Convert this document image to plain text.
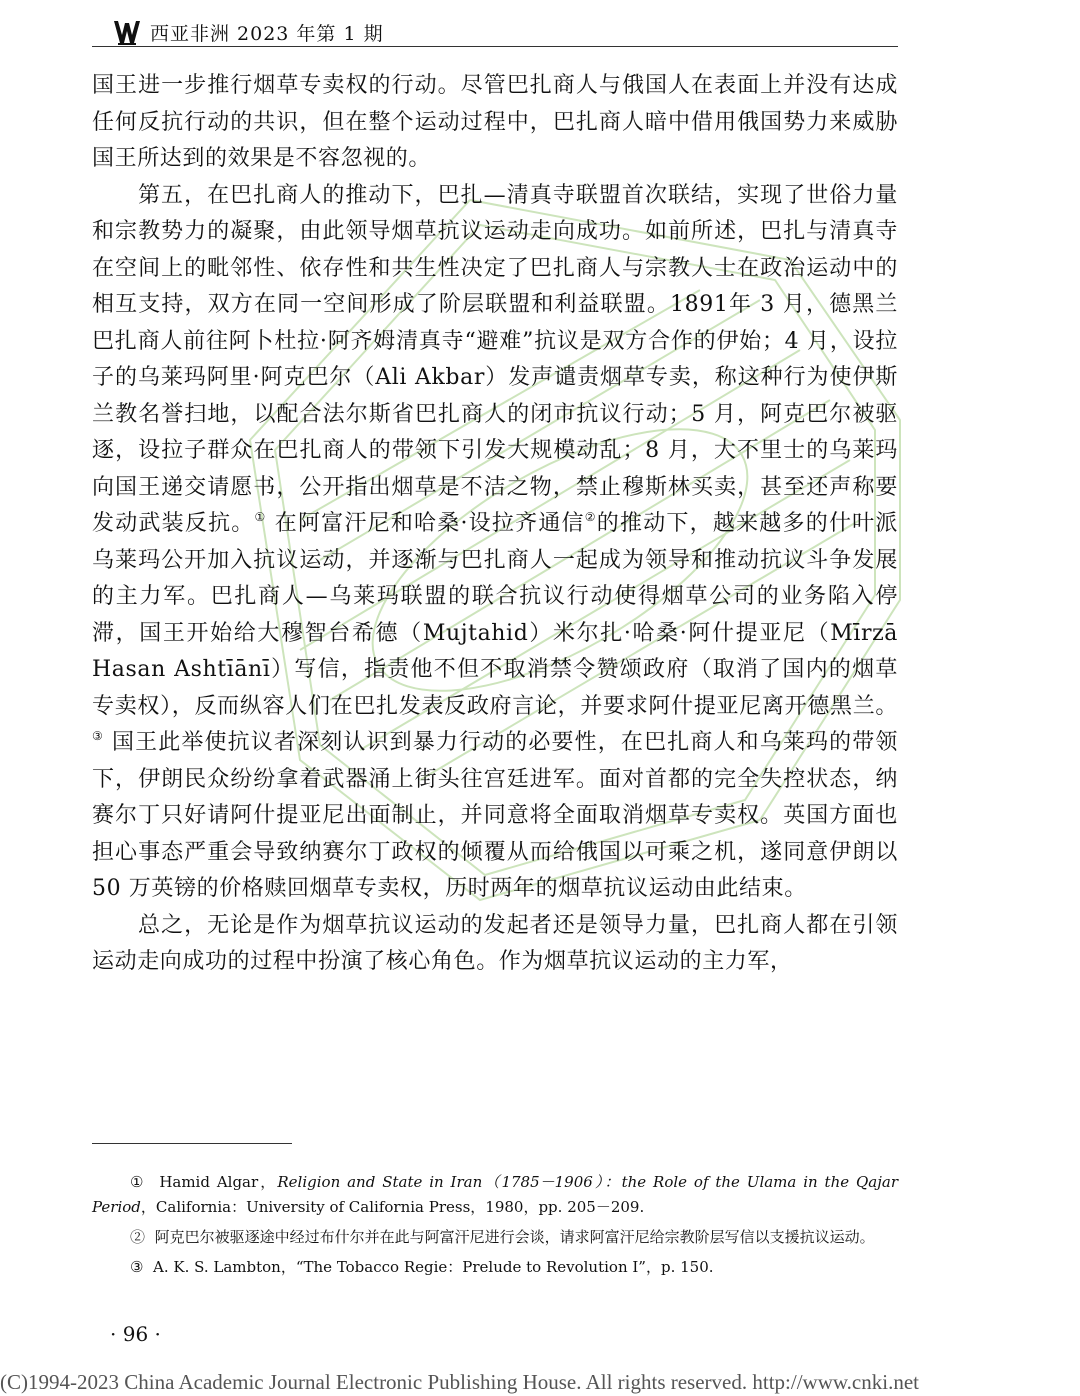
西亚非洲 2023 年第 1 期

国王进一步推行烟草专卖权的行动。尽管巴扎商人与俄国人在表面上并没有达成任何反抗行动的共识，但在整个运动过程中，巴扎商人暗中借用俄国势力来威胁国王所达到的效果是不容忽视的。

第五，在巴扎商人的推动下，巴扎—清真寺联盟首次联结，实现了世俗力量和宗教势力的凝聚，由此领导烟草抗议运动走向成功。如前所述，巴扎与清真寺在空间上的毗邻性、依存性和共生性决定了巴扎商人与宗教人士在政治运动中的相互支持，双方在同一空间形成了阶层联盟和利益联盟。1891年 3 月，德黑兰巴扎商人前往阿卜杜拉·阿齐姆清真寺“避难”抗议是双方合作的伊始；4 月，设拉子的乌莱玛阿里·阿克巴尔（Ali Akbar）发声谴责烟草专卖，称这种行为使伊斯兰教名誉扫地，以配合法尔斯省巴扎商人的闭市抗议行动；5 月，阿克巴尔被驱逐，设拉子群众在巴扎商人的带领下引发大规模动乱；8 月，大不里士的乌莱玛向国王递交请愿书，公开指出烟草是不洁之物，禁止穆斯林买卖，甚至还声称要发动武装反抗。① 在阿富汗尼和哈桑·设拉齐通信②的推动下，越来越多的什叶派乌莱玛公开加入抗议运动，并逐渐与巴扎商人一起成为领导和推动抗议斗争发展的主力军。巴扎商人—乌莱玛联盟的联合抗议行动使得烟草公司的业务陷入停滞，国王开始给大穆智台希德（Mujtahid）米尔扎·哈桑·阿什提亚尼（Mīrzā Hasan Ashtīānī）写信，指责他不但不取消禁令赞颂政府（取消了国内的烟草专卖权），反而纵容人们在巴扎发表反政府言论，并要求阿什提亚尼离开德黑兰。③ 国王此举使抗议者深刻认识到暴力行动的必要性，在巴扎商人和乌莱玛的带领下，伊朗民众纷纷拿着武器涌上街头往宫廷进军。面对首都的完全失控状态，纳赛尔丁只好请阿什提亚尼出面制止，并同意将全面取消烟草专卖权。英国方面也担心事态严重会导致纳赛尔丁政权的倾覆从而给俄国以可乘之机，遂同意伊朗以 50 万英镑的价格赎回烟草专卖权，历时两年的烟草抗议运动由此结束。

总之，无论是作为烟草抗议运动的发起者还是领导力量，巴扎商人都在引领运动走向成功的过程中扮演了核心角色。作为烟草抗议运动的主力军，

① Hamid Algar，Religion and State in Iran（1785－1906）：the Role of the Ulama in the Qajar Period，California：University of California Press，1980，pp. 205－209.

② 阿克巴尔被驱逐途中经过布什尔并在此与阿富汗尼进行会谈，请求阿富汗尼给宗教阶层写信以支援抗议运动。

③ A. K. S. Lambton，“The Tobacco Regie：Prelude to Revolution I”，p. 150.

· 96 ·
(C)1994-2023 China Academic Journal Electronic Publishing House. All rights reserved. http://www.cnki.net
